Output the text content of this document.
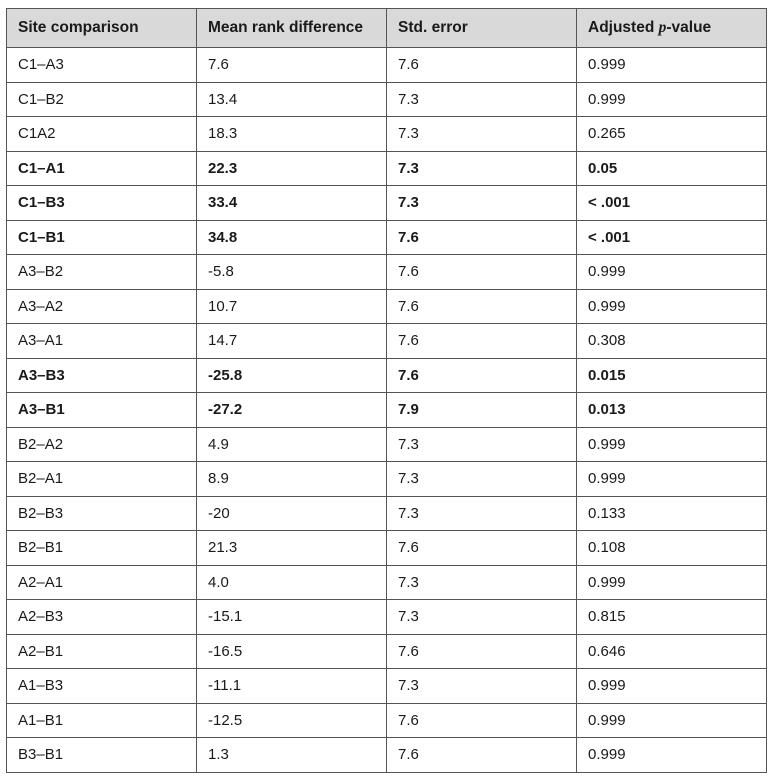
Site comparison	Mean rank difference	Std. error	Adjusted p-value
C1–A3	7.6	7.6	0.999
C1–B2	13.4	7.3	0.999
C1A2	18.3	7.3	0.265
C1–A1	22.3	7.3	0.05
C1–B3	33.4	7.3	< .001
C1–B1	34.8	7.6	< .001
A3–B2	-5.8	7.6	0.999
A3–A2	10.7	7.6	0.999
A3–A1	14.7	7.6	0.308
A3–B3	-25.8	7.6	0.015
A3–B1	-27.2	7.9	0.013
B2–A2	4.9	7.3	0.999
B2–A1	8.9	7.3	0.999
B2–B3	-20	7.3	0.133
B2–B1	21.3	7.6	0.108
A2–A1	4.0	7.3	0.999
A2–B3	-15.1	7.3	0.815
A2–B1	-16.5	7.6	0.646
A1–B3	-11.1	7.3	0.999
A1–B1	-12.5	7.6	0.999
B3–B1	1.3	7.6	0.999
